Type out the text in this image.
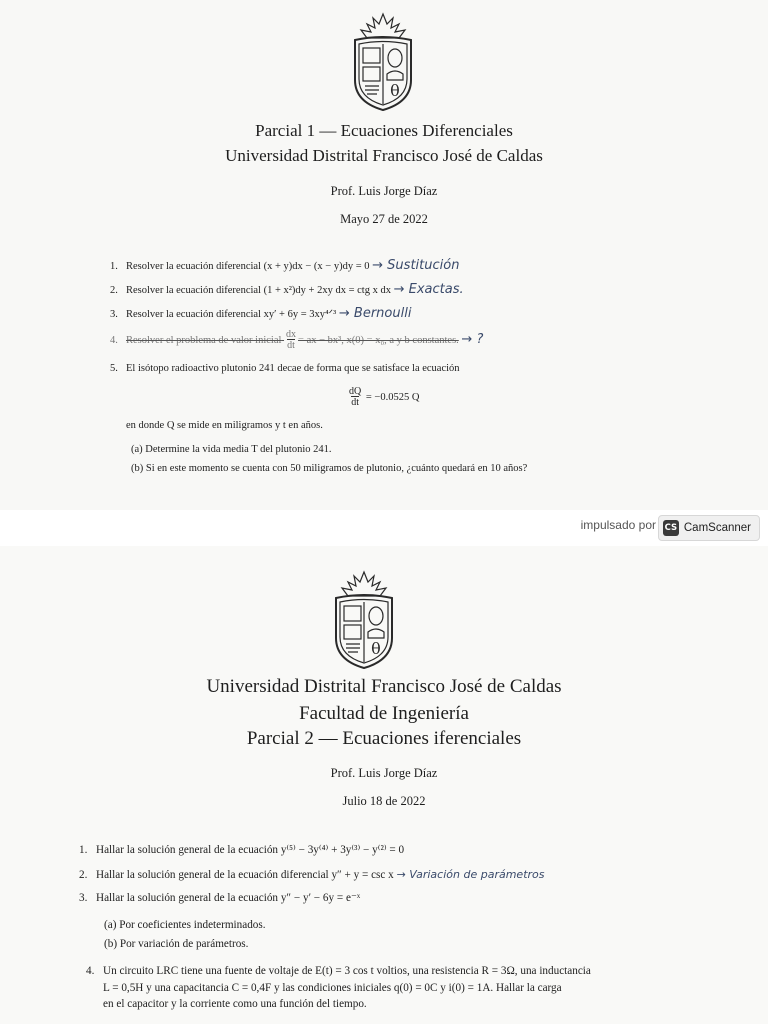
θ
Parcial 1 — Ecuaciones Diferenciales
Universidad Distrital Francisco José de Caldas
Prof. Luis Jorge Díaz
Mayo 27 de 2022
1. Resolver la ecuación diferencial (x + y)dx − (x − y)dy = 0 → Sustitución
2. Resolver la ecuación diferencial (1 + x²)dy + 2xy dx = ctg x dx → Exactas.
3. Resolver la ecuación diferencial xy′ + 6y = 3xy⁴ᐟ³ → Bernoulli
4. Resolver el problema de valor inicial $\frac{dx}{dt}$ = ax − bx³, x(0) = x₀, a y b constantes. → ?
5. El isótopo radioactivo plutonio 241 decae de forma que se satisface la ecuación
$\frac{dQ}{dt} = -0.0525$ Q
en donde Q se mide en miligramos y t en años.
(a) Determine la vida media T del plutonio 241.
(b) Si en este momento se cuenta con 50 miligramos de plutonio, ¿cuánto quedará en 10 años?
impulsado por CS CamScanner
θ
Universidad Distrital Francisco José de Caldas
Facultad de Ingeniería
Parcial 2 — Ecuaciones iferenciales
Prof. Luis Jorge Díaz
Julio 18 de 2022
1. Hallar la solución general de la ecuación y⁽⁵⁾ − 3y⁽⁴⁾ + 3y⁽³⁾ − y⁽²⁾ = 0
2. Hallar la solución general de la ecuación diferencial y″ + y = csc x → Variación de parámetros
3. Hallar la solución general de la ecuación y″ − y′ − 6y = e⁻ˣ
(a) Por coeficientes indeterminados.
(b) Por variación de parámetros.
4. Un circuito LRC tiene una fuente de voltaje de E(t) = 3 cos t voltios, una resistencia R = 3Ω, una inductancia
L = 0,5H y una capacitancia C = 0,4F y las condiciones iniciales q(0) = 0C y i(0) = 1A. Hallar la carga
en el capacitor y la corriente como una función del tiempo.
